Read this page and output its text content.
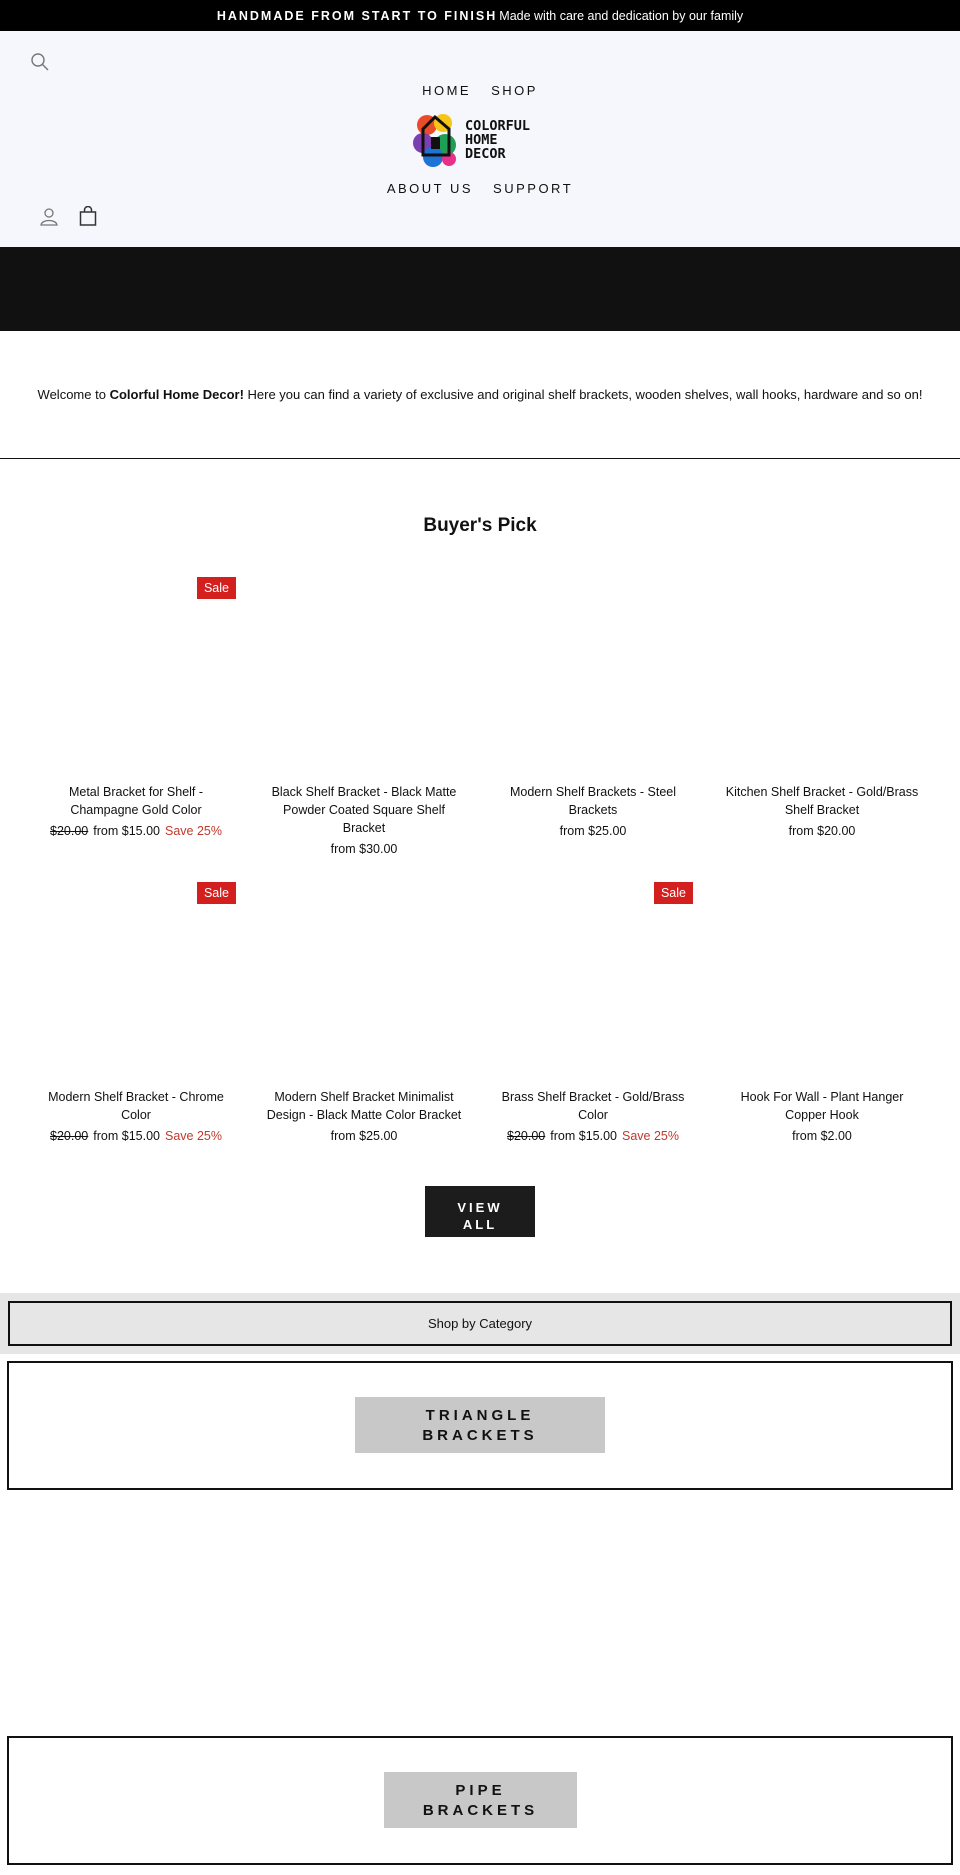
HANDMADE FROM START TO FINISH Made with care and dedication by our family
HOME	SHOP
COLORFUL
HOME
DECOR
ABOUT US	SUPPORT

Welcome to Colorful Home Decor! Here you can find a variety of exclusive and original shelf brackets, wooden shelves, wall hooks, hardware and so on!

Buyer's Pick
Sale
Metal Bracket for Shelf - Champagne Gold Color
$20.00 from $15.00 Save 25%
Black Shelf Bracket - Black Matte Powder Coated Square Shelf Bracket
from $30.00
Modern Shelf Brackets - Steel Brackets
from $25.00
Kitchen Shelf Bracket - Gold/Brass Shelf Bracket
from $20.00
Sale
Modern Shelf Bracket - Chrome Color
$20.00 from $15.00 Save 25%
Modern Shelf Bracket Minimalist Design - Black Matte Color Bracket
from $25.00
Sale
Brass Shelf Bracket - Gold/Brass Color
$20.00 from $15.00 Save 25%
Hook For Wall - Plant Hanger Copper Hook
from $2.00
VIEW
ALL
Shop by Category
TRIANGLE
BRACKETS
PIPE
BRACKETS
